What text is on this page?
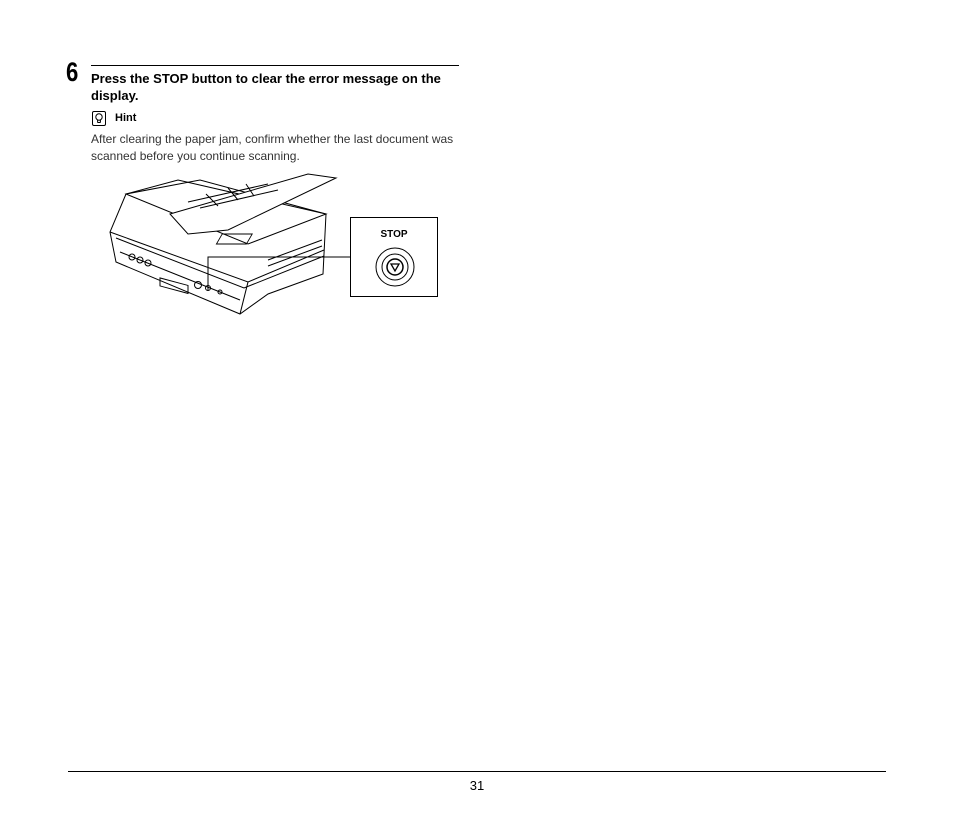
6 Press the STOP button to clear the error message on the display.
Hint
After clearing the paper jam, confirm whether the last document was scanned before you continue scanning.
STOP
31
